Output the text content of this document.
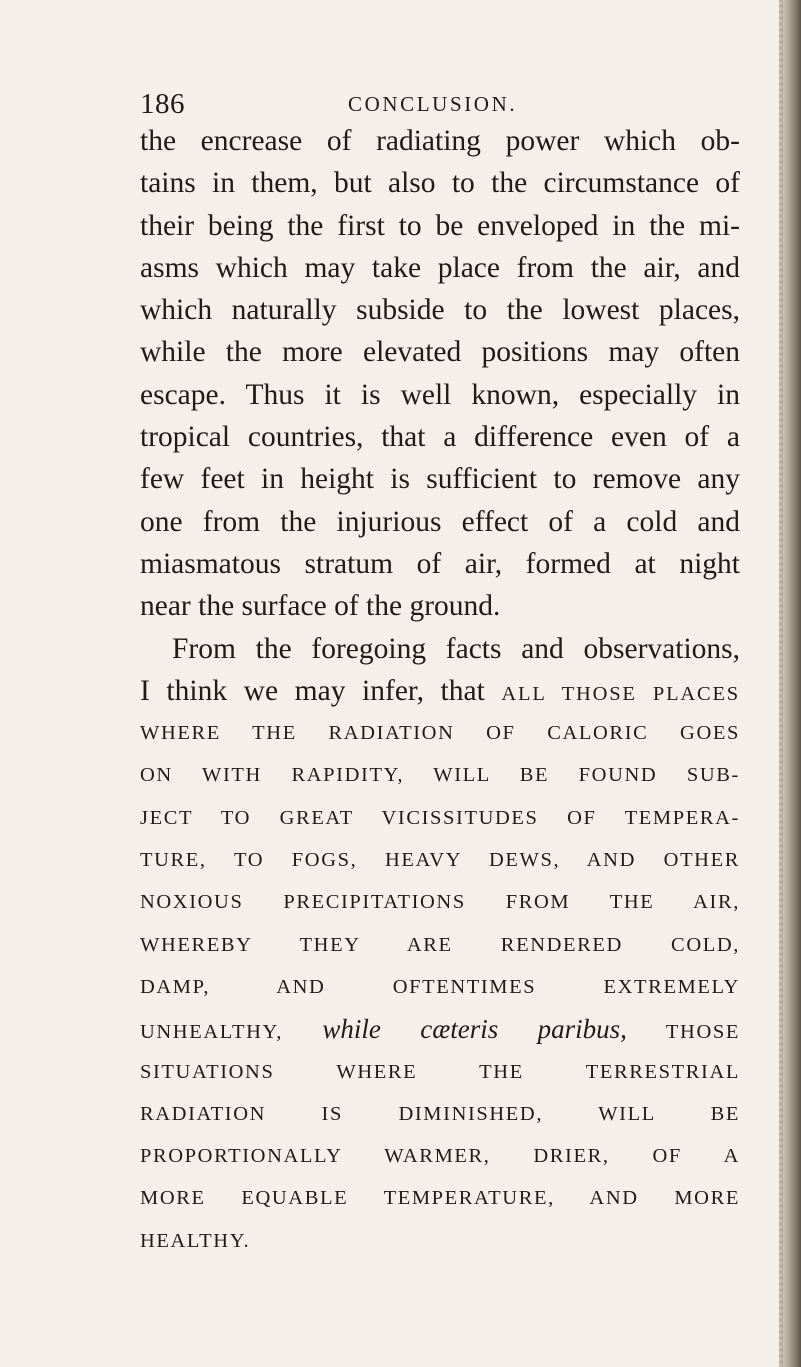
186	CONCLUSION.
the encrease of radiating power which ob-
tains in them, but also to the circumstance of
their being the first to be enveloped in the mi-
asms which may take place from the air, and
which naturally subside to the lowest places,
while the more elevated positions may often
escape. Thus it is well known, especially in
tropical countries, that a difference even of a
few feet in height is sufficient to remove any
one from the injurious effect of a cold and
miasmatous stratum of air, formed at night
near the surface of the ground.
From the foregoing facts and observations,
I think we may infer, that ALL THOSE PLACES
WHERE THE RADIATION OF CALORIC GOES
ON WITH RAPIDITY, WILL BE FOUND SUB-
JECT TO GREAT VICISSITUDES OF TEMPERA-
TURE, TO FOGS, HEAVY DEWS, AND OTHER
NOXIOUS PRECIPITATIONS FROM THE AIR,
WHEREBY THEY ARE RENDERED COLD,
DAMP, AND OFTENTIMES EXTREMELY
UNHEALTHY, while cæteris paribus, THOSE
SITUATIONS WHERE THE TERRESTRIAL
RADIATION IS DIMINISHED, WILL BE
PROPORTIONALLY WARMER, DRIER, OF A
MORE EQUABLE TEMPERATURE, AND MORE
HEALTHY.
